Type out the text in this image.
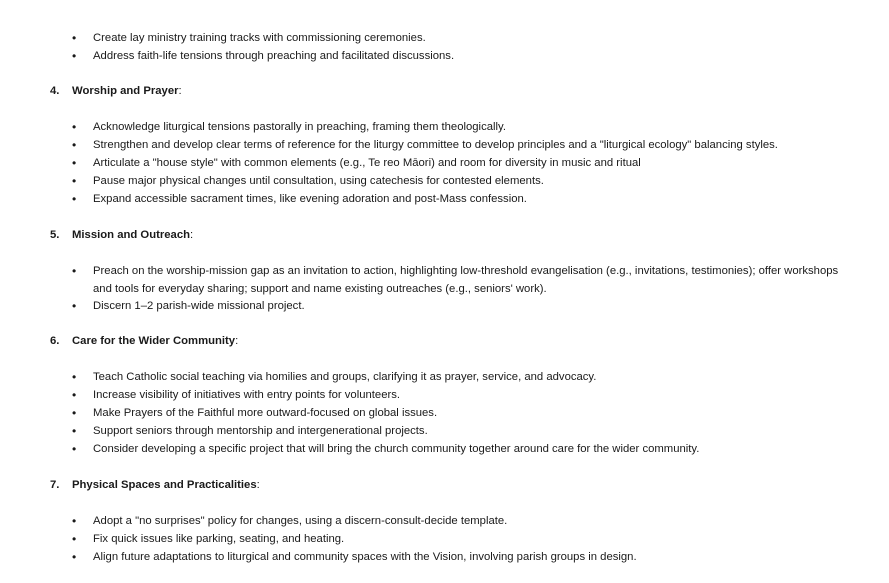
• Create lay ministry training tracks with commissioning ceremonies.
• Address faith-life tensions through preaching and facilitated discussions.
4. Worship and Prayer:
• Acknowledge liturgical tensions pastorally in preaching, framing them theologically.
• Strengthen and develop clear terms of reference for the liturgy committee to develop principles and a "liturgical ecology" balancing styles.
• Articulate a "house style" with common elements (e.g., Te reo Māori) and room for diversity in music and ritual
• Pause major physical changes until consultation, using catechesis for contested elements.
• Expand accessible sacrament times, like evening adoration and post-Mass confession.
5. Mission and Outreach:
• Preach on the worship-mission gap as an invitation to action, highlighting low-threshold evangelisation (e.g., invitations, testimonies); offer workshops and tools for everyday sharing; support and name existing outreaches (e.g., seniors' work).
• Discern 1–2 parish-wide missional project.
6. Care for the Wider Community:
• Teach Catholic social teaching via homilies and groups, clarifying it as prayer, service, and advocacy.
• Increase visibility of initiatives with entry points for volunteers.
• Make Prayers of the Faithful more outward-focused on global issues.
• Support seniors through mentorship and intergenerational projects.
• Consider developing a specific project that will bring the church community together around care for the wider community.
7. Physical Spaces and Practicalities:
• Adopt a "no surprises" policy for changes, using a discern-consult-decide template.
• Fix quick issues like parking, seating, and heating.
• Align future adaptations to liturgical and community spaces with the Vision, involving parish groups in design.
